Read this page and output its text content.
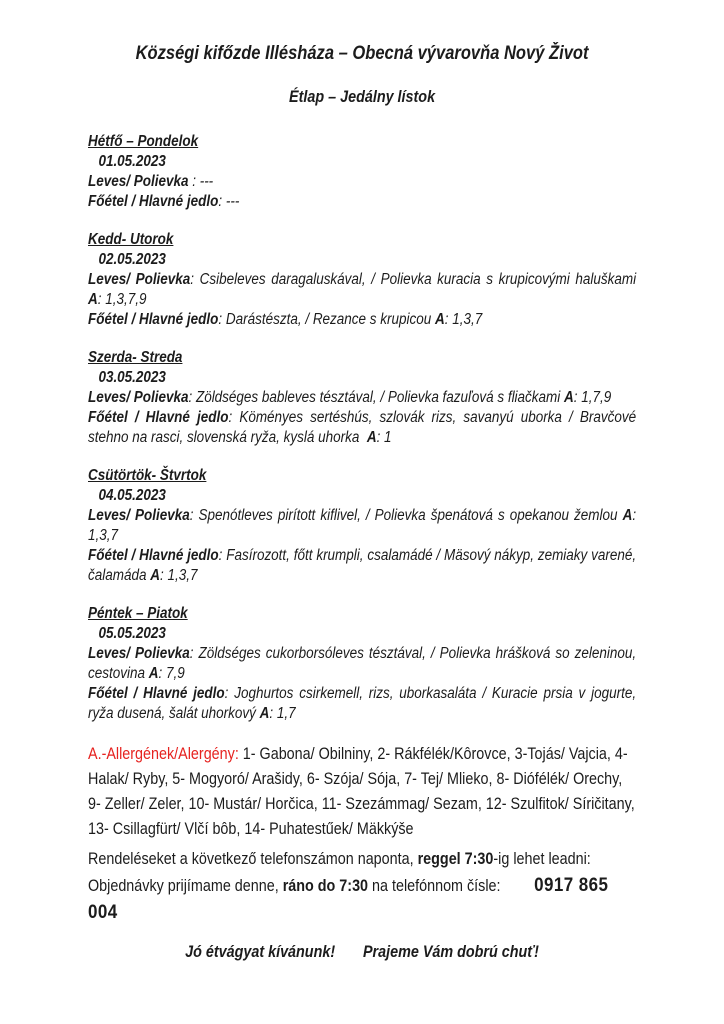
Községi kifőzde Illésháza – Obecná vývarovňa Nový Život
Étlap – Jedálny lístok
Hétfő – Pondelok

01.05.2023

Leves/ Polievka : ---

Főétel / Hlavné jedlo: ---

Kedd- Utorok

02.05.2023

Leves/ Polievka: Csibeleves daragaluskával, / Polievka kuracia s krupicovými haluškami A: 1,3,7,9

Főétel / Hlavné jedlo: Darástészta, / Rezance s krupicou A: 1,3,7

Szerda- Streda

03.05.2023

Leves/ Polievka: Zöldséges bableves tésztával, / Polievka fazuľová s fliačkami A: 1,7,9

Főétel / Hlavné jedlo: Köményes sertéshús, szlovák rizs, savanyú uborka / Bravčové stehno na rasci, slovenská ryža, kyslá uhorka  A: 1

Csütörtök- Štvrtok

04.05.2023

Leves/ Polievka: Spenótleves pirított kiflivel, / Polievka špenátová s opekanou žemlou A: 1,3,7

Főétel / Hlavné jedlo: Fasírozott, főtt krumpli, csalamádé / Mäsový nákyp, zemiaky varené, čalamáda A: 1,3,7

Péntek – Piatok

05.05.2023

Leves/ Polievka: Zöldséges cukorborsóleves tésztával, / Polievka hrášková so zeleninou, cestovina A: 7,9

Főétel / Hlavné jedlo: Joghurtos csirkemell, rizs, uborkasaláta / Kuracie prsia v jogurte, ryža dusená, šalát uhorkový A: 1,7

A.-Allergének/Alergény: 1- Gabona/ Obilniny, 2- Rákfélék/Kôrovce, 3-Tojás/ Vajcia, 4- Halak/ Ryby, 5- Mogyoró/ Arašidy, 6- Szója/ Sója, 7- Tej/ Mlieko, 8- Diófélék/ Orechy, 9- Zeller/ Zeler, 10- Mustár/ Horčica, 11- Szezámmag/ Sezam, 12- Szulfitok/ Síričitany, 13- Csillagfürt/ Vlčí bôb, 14- Puhatestűek/ Mäkkýše

Rendeléseket a következő telefonszámon naponta, reggel 7:30-ig lehet leadni:

Objednávky prijímame denne, ráno do 7:30 na telefónnom čísle: 0917 865 004

Jó étvágyat kívánunk! Prajeme Vám dobrú chuť!
